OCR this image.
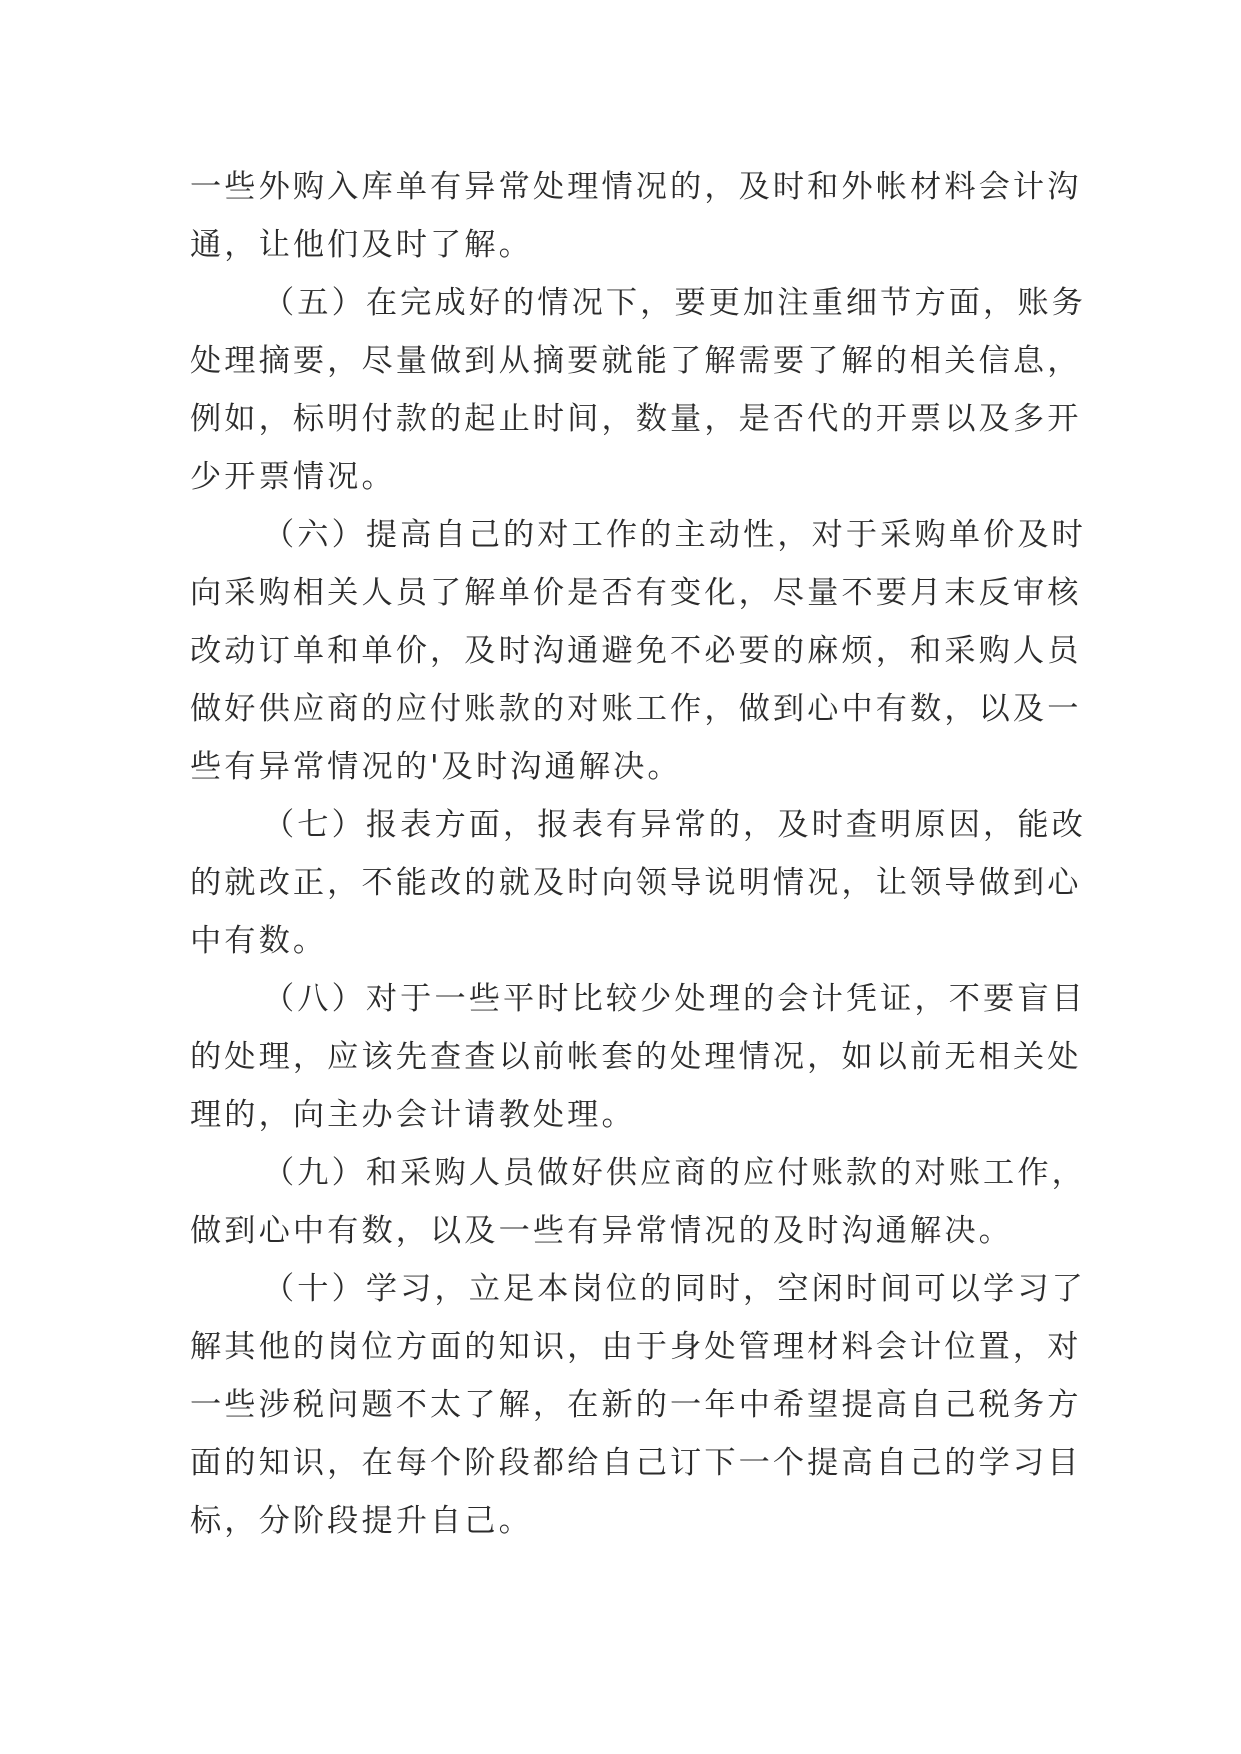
一些外购入库单有异常处理情况的，及时和外帐材料会计沟
通，让他们及时了解。
（五）在完成好的情况下，要更加注重细节方面，账务
处理摘要，尽量做到从摘要就能了解需要了解的相关信息，
例如，标明付款的起止时间，数量，是否代的开票以及多开
少开票情况。
（六）提高自己的对工作的主动性，对于采购单价及时
向采购相关人员了解单价是否有变化，尽量不要月末反审核
改动订单和单价，及时沟通避免不必要的麻烦，和采购人员
做好供应商的应付账款的对账工作，做到心中有数，以及一
些有异常情况的'及时沟通解决。
（七）报表方面，报表有异常的，及时查明原因，能改
的就改正，不能改的就及时向领导说明情况，让领导做到心
中有数。
（八）对于一些平时比较少处理的会计凭证，不要盲目
的处理，应该先查查以前帐套的处理情况，如以前无相关处
理的，向主办会计请教处理。
（九）和采购人员做好供应商的应付账款的对账工作，
做到心中有数，以及一些有异常情况的及时沟通解决。
（十）学习，立足本岗位的同时，空闲时间可以学习了
解其他的岗位方面的知识，由于身处管理材料会计位置，对
一些涉税问题不太了解，在新的一年中希望提高自己税务方
面的知识，在每个阶段都给自己订下一个提高自己的学习目
标，分阶段提升自己。
